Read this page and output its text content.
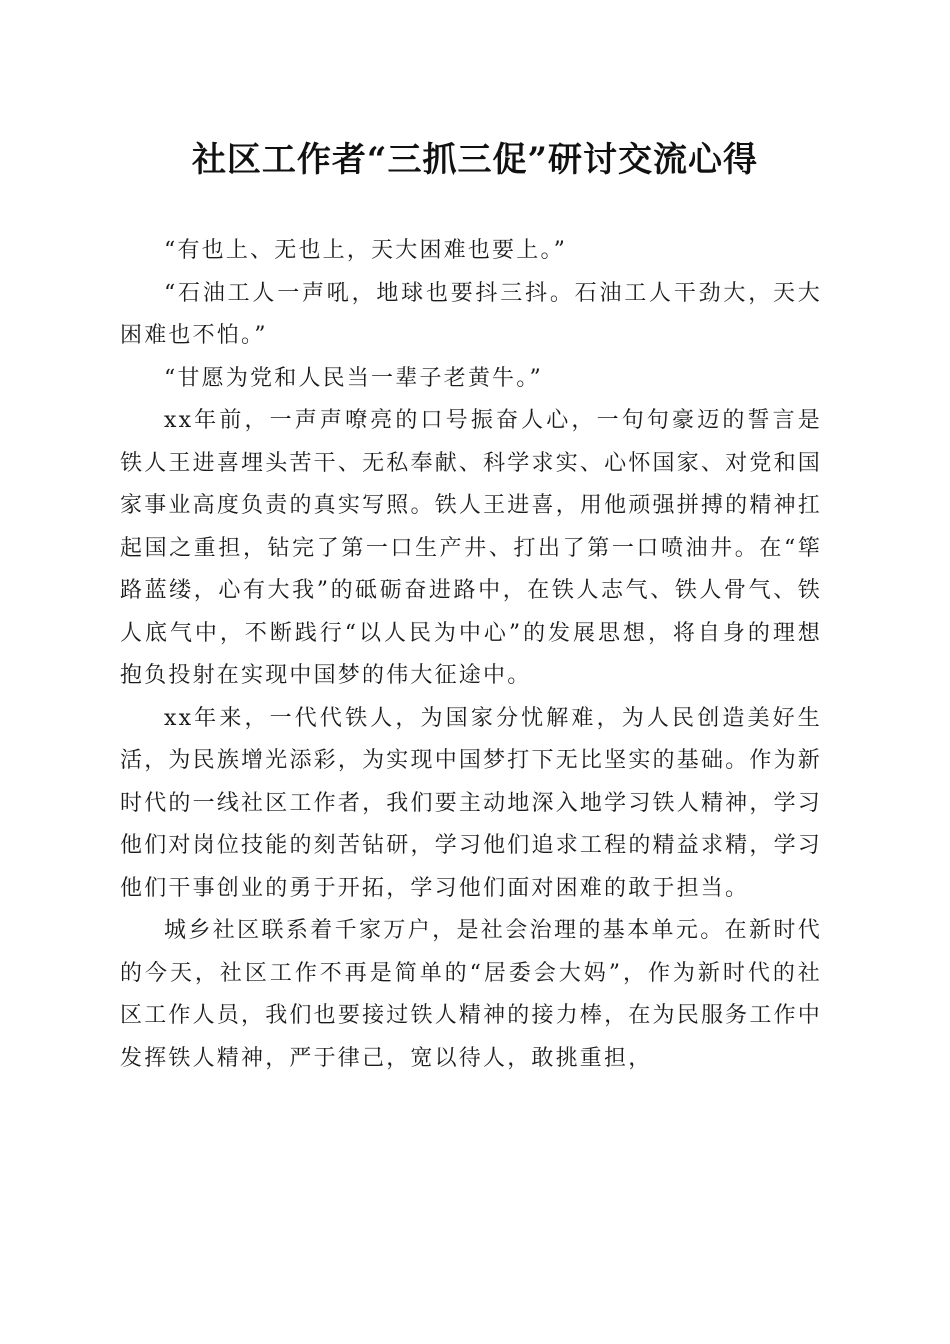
社区工作者“三抓三促”研讨交流心得

“有也上、无也上，天大困难也要上。”

“石油工人一声吼，地球也要抖三抖。石油工人干劲大，天大困难也不怕。”

“甘愿为党和人民当一辈子老黄牛。”

xx年前，一声声嘹亮的口号振奋人心，一句句豪迈的誓言是铁人王进喜埋头苦干、无私奉献、科学求实、心怀国家、对党和国家事业高度负责的真实写照。铁人王进喜，用他顽强拼搏的精神扛起国之重担，钻完了第一口生产井、打出了第一口喷油井。在“筚路蓝缕，心有大我”的砥砺奋进路中，在铁人志气、铁人骨气、铁人底气中，不断践行“以人民为中心”的发展思想，将自身的理想抱负投射在实现中国梦的伟大征途中。

xx年来，一代代铁人，为国家分忧解难，为人民创造美好生活，为民族增光添彩，为实现中国梦打下无比坚实的基础。作为新时代的一线社区工作者，我们要主动地深入地学习铁人精神，学习他们对岗位技能的刻苦钻研，学习他们追求工程的精益求精，学习他们干事创业的勇于开拓，学习他们面对困难的敢于担当。

城乡社区联系着千家万户，是社会治理的基本单元。在新时代的今天，社区工作不再是简单的“居委会大妈”，作为新时代的社区工作人员，我们也要接过铁人精神的接力棒，在为民服务工作中发挥铁人精神，严于律己，宽以待人，敢挑重担，
